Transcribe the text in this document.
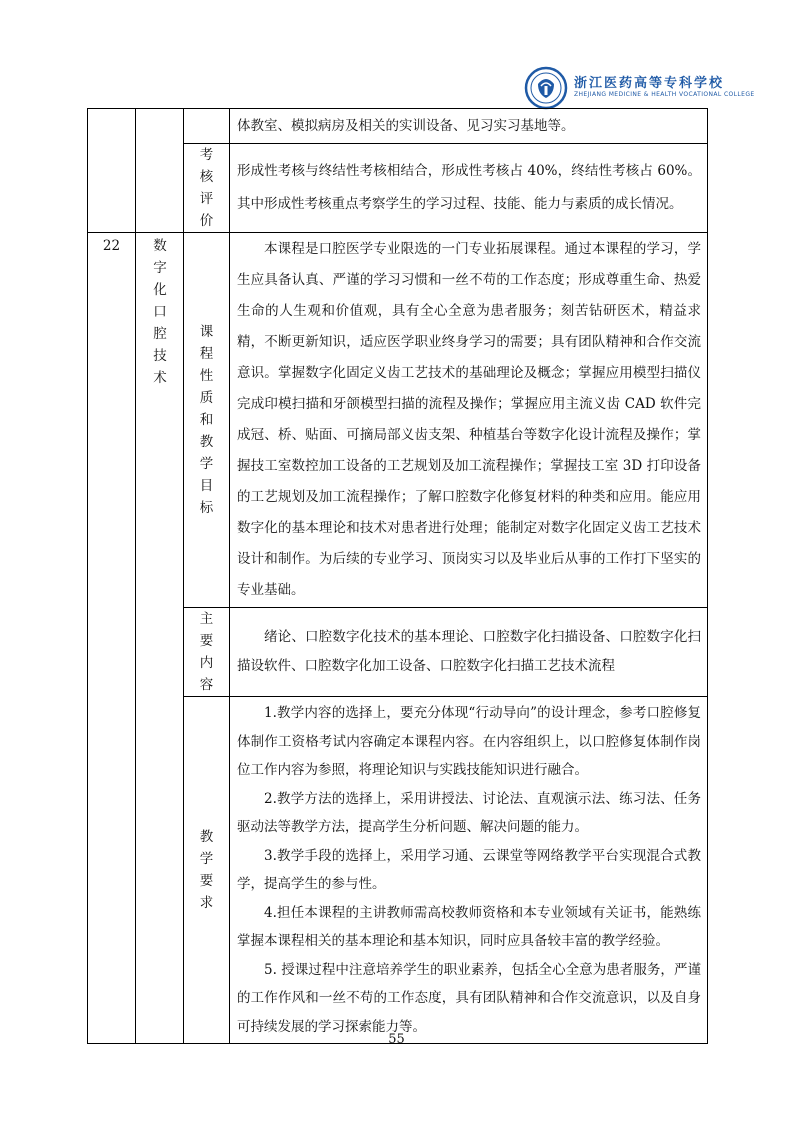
浙江医药高等专科学校
ZHEJIANG MEDICINE & HEALTH VOCATIONAL COLLEGE

			体教室、模拟病房及相关的实训设备、见习实习基地等。

		考核评价	形成性考核与终结性考核相结合，形成性考核占 40%，终结性考核占 60%。其中形成性考核重点考察学生的学习过程、技能、能力与素质的成长情况。

22	数字化口腔技术	课程性质和教学目标	本课程是口腔医学专业限选的一门专业拓展课程。通过本课程的学习，学生应具备认真、严谨的学习习惯和一丝不苟的工作态度；形成尊重生命、热爱生命的人生观和价值观，具有全心全意为患者服务；刻苦钻研医术，精益求精，不断更新知识，适应医学职业终身学习的需要；具有团队精神和合作交流意识。掌握数字化固定义齿工艺技术的基础理论及概念；掌握应用模型扫描仪完成印模扫描和牙颌模型扫描的流程及操作；掌握应用主流义齿 CAD 软件完成冠、桥、贴面、可摘局部义齿支架、种植基台等数字化设计流程及操作；掌握技工室数控加工设备的工艺规划及加工流程操作；掌握技工室 3D 打印设备的工艺规划及加工流程操作；了解口腔数字化修复材料的种类和应用。能应用数字化的基本理论和技术对患者进行处理；能制定对数字化固定义齿工艺技术设计和制作。为后续的专业学习、顶岗实习以及毕业后从事的工作打下坚实的专业基础。

		主要内容	绪论、口腔数字化技术的基本理论、口腔数字化扫描设备、口腔数字化扫描设软件、口腔数字化加工设备、口腔数字化扫描工艺技术流程

		教学要求	1.教学内容的选择上，要充分体现“行动导向”的设计理念，参考口腔修复体制作工资格考试内容确定本课程内容。在内容组织上，以口腔修复体制作岗位工作内容为参照，将理论知识与实践技能知识进行融合。

2.教学方法的选择上，采用讲授法、讨论法、直观演示法、练习法、任务驱动法等教学方法，提高学生分析问题、解决问题的能力。

3.教学手段的选择上，采用学习通、云课堂等网络教学平台实现混合式教学，提高学生的参与性。

4.担任本课程的主讲教师需高校教师资格和本专业领域有关证书，能熟练掌握本课程相关的基本理论和基本知识，同时应具备较丰富的教学经验。

5. 授课过程中注意培养学生的职业素养，包括全心全意为患者服务，严谨的工作作风和一丝不苟的工作态度，具有团队精神和合作交流意识，以及自身可持续发展的学习探索能力等。

55
